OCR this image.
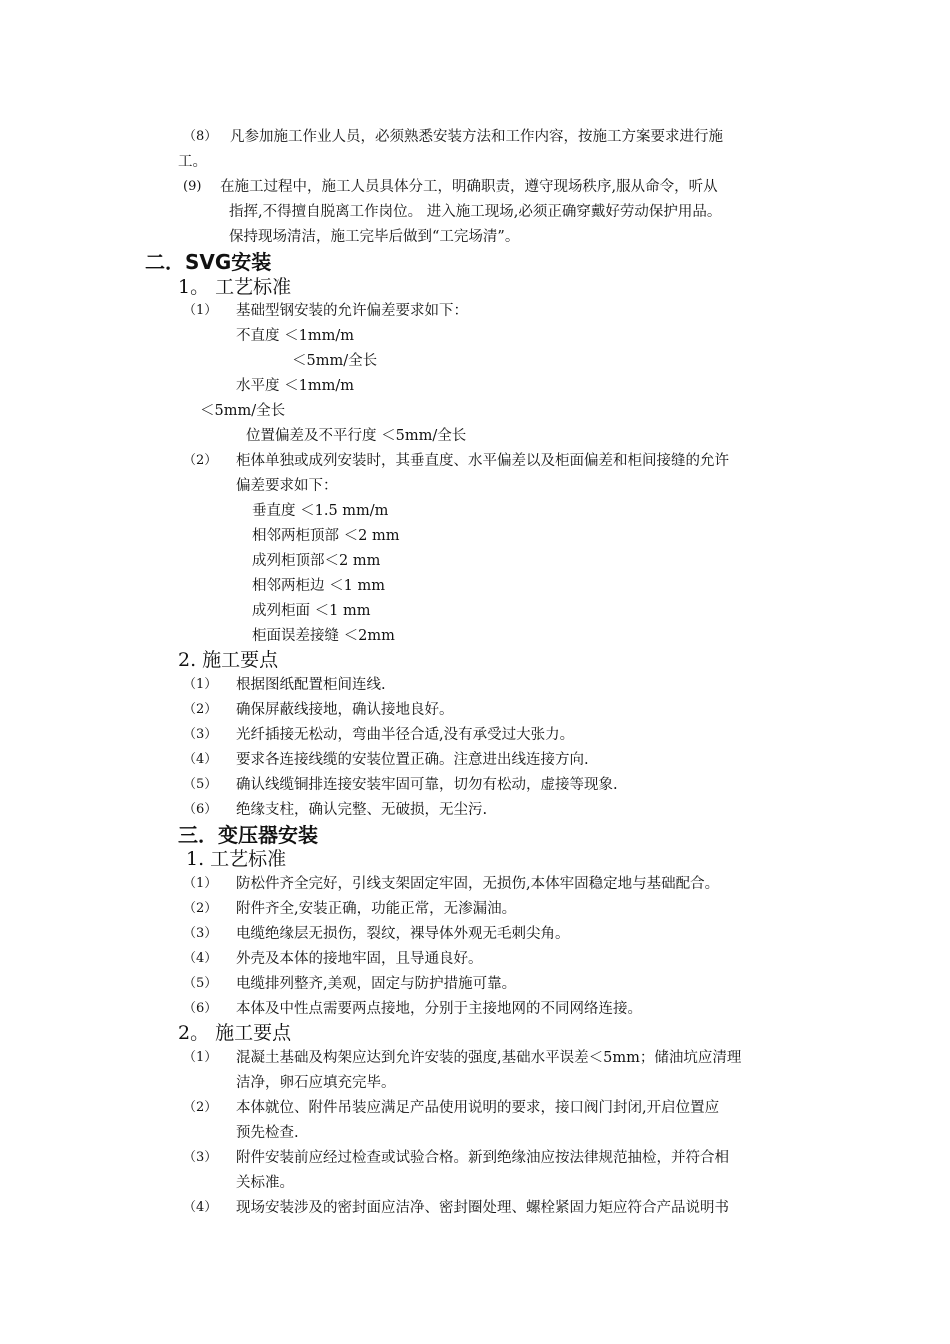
（8） 凡参加施工作业人员，必须熟悉安装方法和工作内容，按施工方案要求进行施
工。
(9) 在施工过程中，施工人员具体分工，明确职责，遵守现场秩序,服从命令，听从
指挥,不得擅自脱离工作岗位。 进入施工现场,必须正确穿戴好劳动保护用品。
保持现场清洁，施工完毕后做到“工完场清”。
二．SVG安装
1。 工艺标准
（1） 基础型钢安装的允许偏差要求如下：
不直度 ＜1mm/m
＜5mm/全长
水平度 ＜1mm/m
＜5mm/全长
位置偏差及不平行度 ＜5mm/全长
（2） 柜体单独或成列安装时，其垂直度、水平偏差以及柜面偏差和柜间接缝的允许
偏差要求如下：
垂直度 ＜1.5 mm/m
相邻两柜顶部 ＜2 mm
成列柜顶部＜2 mm
相邻两柜边 ＜1 mm
成列柜面 ＜1 mm
柜面误差接缝 ＜2mm
2. 施工要点
（1） 根据图纸配置柜间连线.
（2） 确保屏蔽线接地，确认接地良好。
（3） 光纤插接无松动，弯曲半径合适,没有承受过大张力。
（4） 要求各连接线缆的安装位置正确。注意进出线连接方向.
（5） 确认线缆铜排连接安装牢固可靠，切勿有松动，虚接等现象.
（6） 绝缘支柱，确认完整、无破损，无尘污.
三．变压器安装
1. 工艺标准
（1） 防松件齐全完好，引线支架固定牢固，无损伤,本体牢固稳定地与基础配合。
（2） 附件齐全,安装正确，功能正常，无渗漏油。
（3） 电缆绝缘层无损伤，裂纹，裸导体外观无毛刺尖角。
（4） 外壳及本体的接地牢固，且导通良好。
（5） 电缆排列整齐,美观，固定与防护措施可靠。
（6） 本体及中性点需要两点接地，分别于主接地网的不同网络连接。
2。 施工要点
（1） 混凝土基础及构架应达到允许安装的强度,基础水平误差＜5mm；储油坑应清理
洁净，卵石应填充完毕。
（2） 本体就位、附件吊装应满足产品使用说明的要求，接口阀门封闭,开启位置应
预先检查.
（3） 附件安装前应经过检查或试验合格。新到绝缘油应按法律规范抽检，并符合相
关标准。
（4） 现场安装涉及的密封面应洁净、密封圈处理、螺栓紧固力矩应符合产品说明书
